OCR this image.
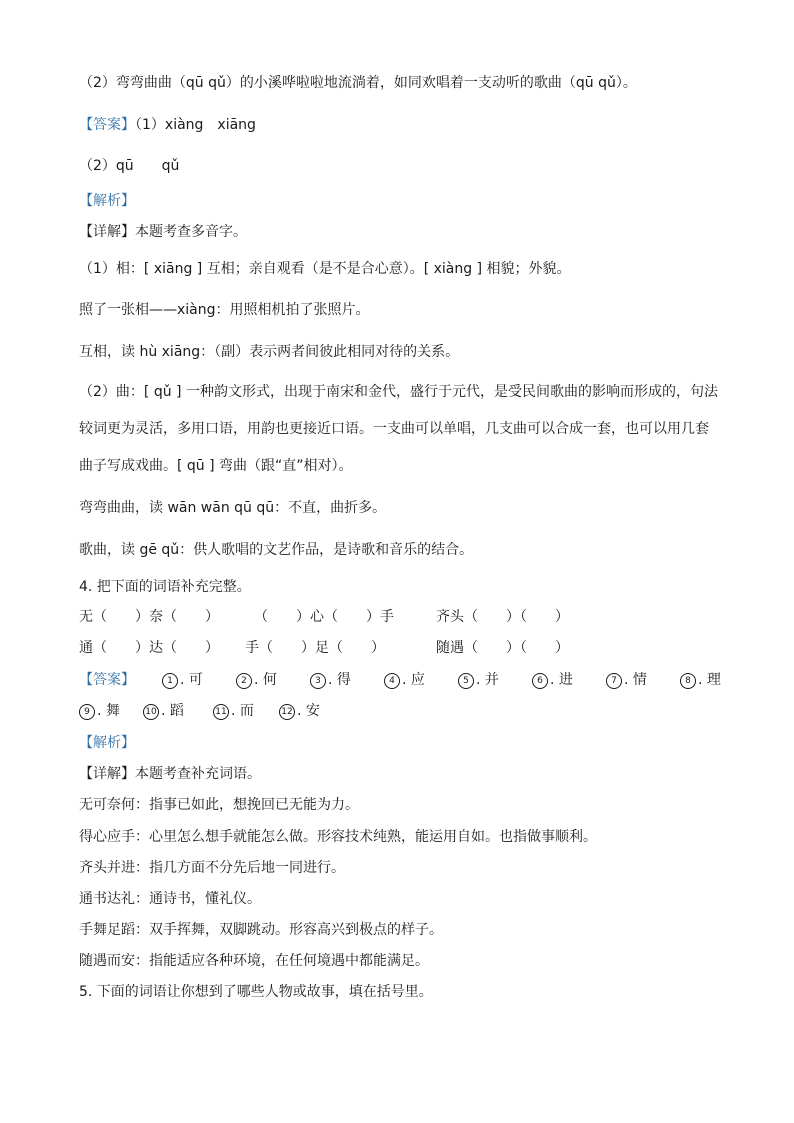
（2）弯弯曲曲（qū qǔ）的小溪哗啦啦地流淌着，如同欢唱着一支动听的歌曲（qū qǔ）。
【答案】（1）xiàng　xiāng
（2）qū　　qǔ
【解析】
【详解】本题考查多音字。
（1）相：[ xiāng ] 互相；亲自观看（是不是合心意）。[ xiàng ] 相貌；外貌。
照了一张相——xiàng：用照相机拍了张照片。
互相，读 hù xiāng：（副）表示两者间彼此相同对待的关系。
（2）曲：[ qǔ ] 一种韵文形式，出现于南宋和金代，盛行于元代，是受民间歌曲的影响而形成的，句法较词更为灵活，多用口语，用韵也更接近口语。一支曲可以单唱，几支曲可以合成一套，也可以用几套曲子写成戏曲。[ qū ] 弯曲（跟“直”相对）。
弯弯曲曲，读 wān wān qū qū：不直，曲折多。
歌曲，读 gē qǔ：供人歌唱的文艺作品，是诗歌和音乐的结合。
4. 把下面的词语补充完整。
无（　　）奈（　　）	（　　）心（　　）手	齐头（　　）（　　）
通（　　）达（　　） 手（　　）足（　　）	随遇（　　）（　　）
【答案】	1 . 可	2 . 何	3 . 得	4 . 应	5 . 并	6 . 进	7 . 情	8 . 理
9 . 舞	10 . 蹈	11 . 而	12 . 安
【解析】
【详解】本题考查补充词语。
无可奈何：指事已如此，想挽回已无能为力。
得心应手：心里怎么想手就能怎么做。形容技术纯熟，能运用自如。也指做事顺利。
齐头并进：指几方面不分先后地一同进行。
通书达礼：通诗书，懂礼仪。
手舞足蹈：双手挥舞，双脚跳动。形容高兴到极点的样子。
随遇而安：指能适应各种环境，在任何境遇中都能满足。
5. 下面的词语让你想到了哪些人物或故事，填在括号里。
